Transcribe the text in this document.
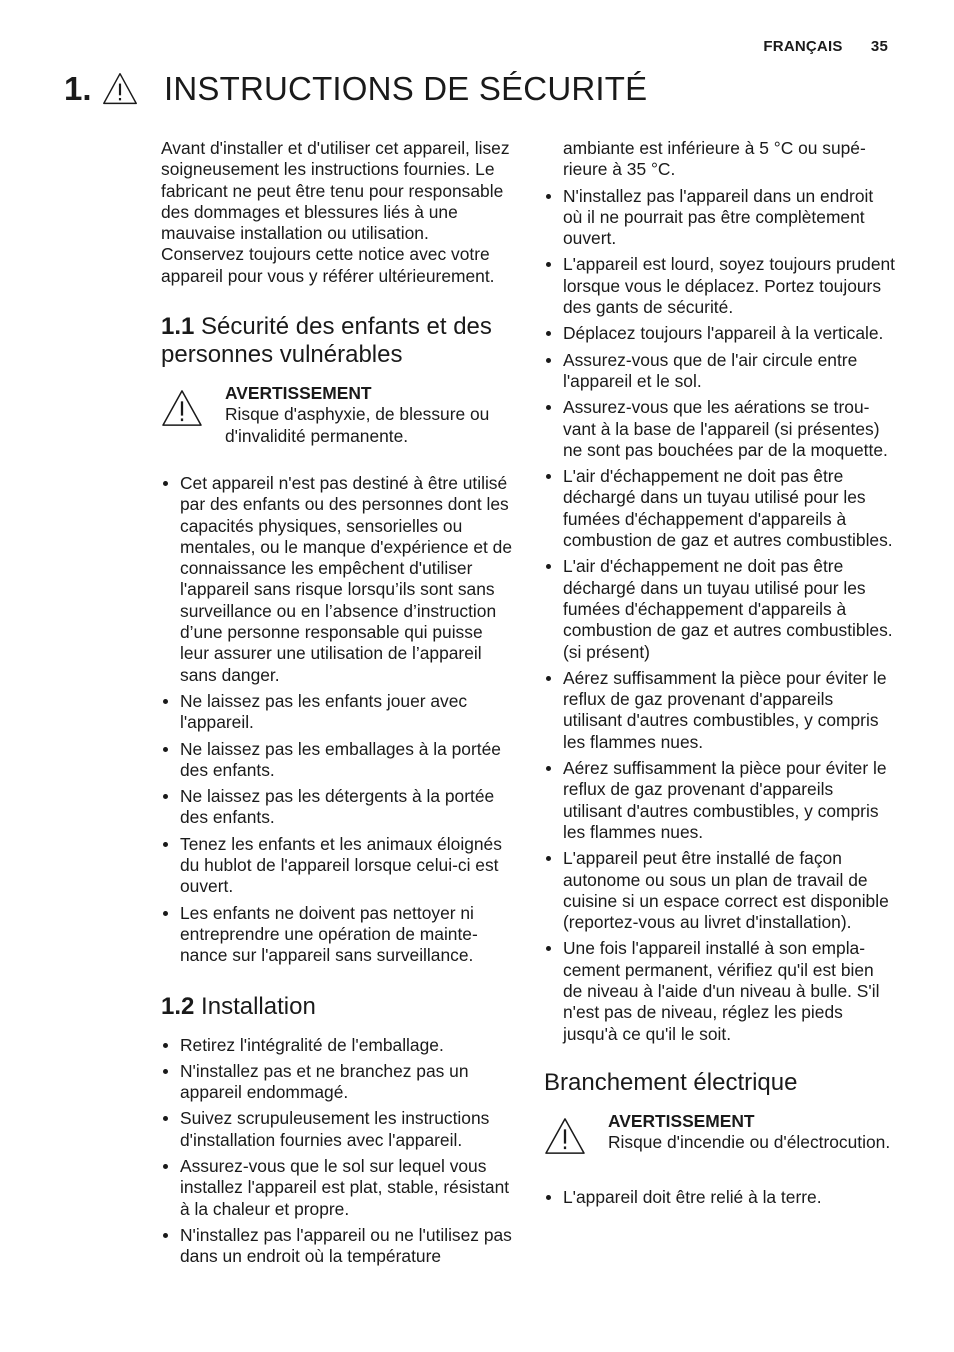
FRANÇAIS 35
1.	INSTRUCTIONS DE SÉCURITÉ

Avant d'installer et d'utiliser cet appareil, lisez soigneusement les instructions fournies. Le fabricant ne peut être tenu pour responsable des dommages et blessures liés à une mauvaise installation ou utilisation. Conservez toujours cette notice avec votre appareil pour vous y référer ultérieurement.

1.1 Sécurité des enfants et des personnes vulnérables
AVERTISSEMENT
Risque d'asphyxie, de blessure ou d'invalidité permanente.
Cet appareil n'est pas destiné à être utilisé par des enfants ou des personnes dont les capacités physiques, sensorielles ou mentales, ou le manque d'expérience et de connaissance les empêchent d'utiliser l'appareil sans risque lorsqu’ils sont sans surveillance ou en l’absence d’instruction d’une personne responsable qui puisse leur assurer une utilisation de l’appareil sans danger.
Ne laissez pas les enfants jouer avec l'appareil.
Ne laissez pas les emballages à la portée des enfants.
Ne laissez pas les détergents à la portée des enfants.
Tenez les enfants et les animaux éloignés du hublot de l'appareil lorsque celui-ci est ouvert.
Les enfants ne doivent pas nettoyer ni entreprendre une opération de maintenance sur l'appareil sans surveillance.
1.2 Installation
Retirez l'intégralité de l'emballage.
N'installez pas et ne branchez pas un appareil endommagé.
Suivez scrupuleusement les instructions d'installation fournies avec l'appareil.
Assurez-vous que le sol sur lequel vous installez l'appareil est plat, stable, résistant à la chaleur et propre.
N'installez pas l'appareil ou ne l'utilisez pas dans un endroit où la température
ambiante est inférieure à 5 °C ou supérieure à 35 °C.
N'installez pas l'appareil dans un endroit où il ne pourrait pas être complètement ouvert.
L'appareil est lourd, soyez toujours prudent lorsque vous le déplacez. Portez toujours des gants de sécurité.
Déplacez toujours l'appareil à la verticale.
Assurez-vous que de l'air circule entre l'appareil et le sol.
Assurez-vous que les aérations se trouvant à la base de l'appareil (si présentes) ne sont pas bouchées par de la moquette.
L'air d'échappement ne doit pas être déchargé dans un tuyau utilisé pour les fumées d'échappement d'appareils à combustion de gaz et autres combustibles.
L'air d'échappement ne doit pas être déchargé dans un tuyau utilisé pour les fumées d'échappement d'appareils à combustion de gaz et autres combustibles. (si présent)
Aérez suffisamment la pièce pour éviter le reflux de gaz provenant d'appareils utilisant d'autres combustibles, y compris les flammes nues.
Aérez suffisamment la pièce pour éviter le reflux de gaz provenant d'appareils utilisant d'autres combustibles, y compris les flammes nues.
L'appareil peut être installé de façon autonome ou sous un plan de travail de cuisine si un espace correct est disponible (reportez-vous au livret d'installation).
Une fois l'appareil installé à son emplacement permanent, vérifiez qu'il est bien de niveau à l'aide d'un niveau à bulle. S'il n'est pas de niveau, réglez les pieds jusqu'à ce qu'il le soit.
Branchement électrique
AVERTISSEMENT
Risque d'incendie ou d'électrocution.
L'appareil doit être relié à la terre.
